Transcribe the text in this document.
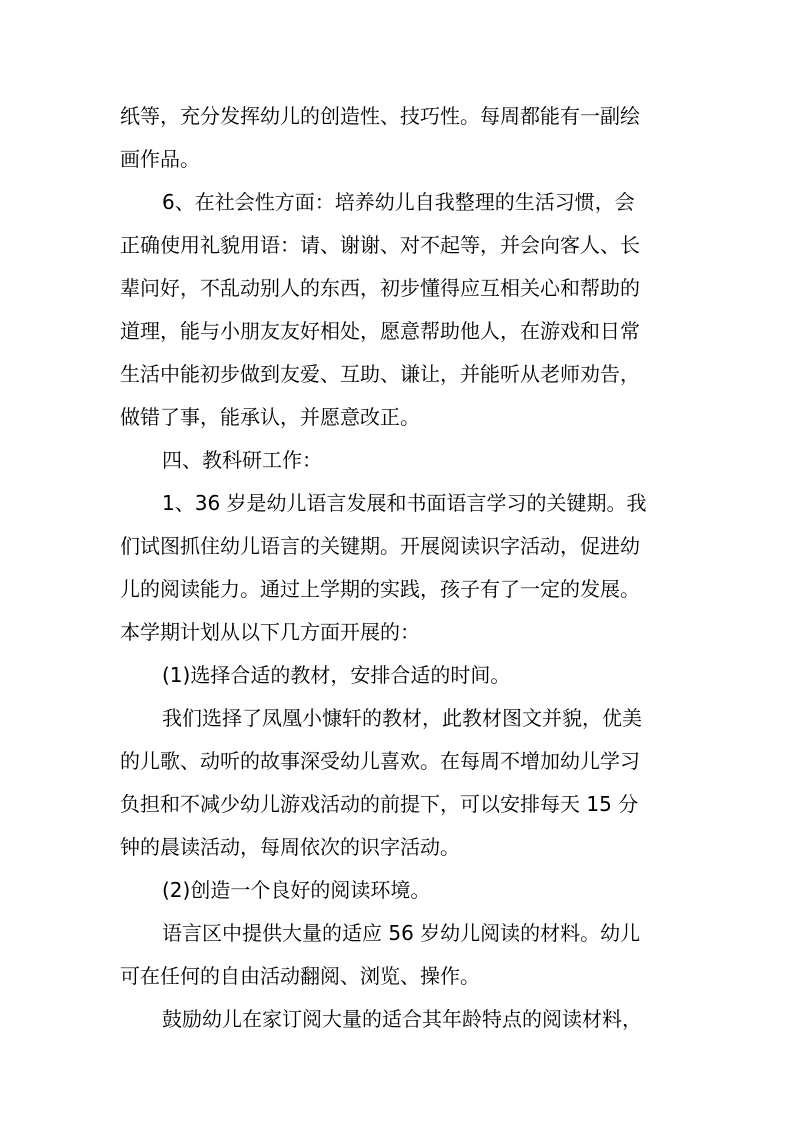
纸等，充分发挥幼儿的创造性、技巧性。每周都能有一副绘
画作品。
6、在社会性方面：培养幼儿自我整理的生活习惯，会
正确使用礼貌用语：请、谢谢、对不起等，并会向客人、长
辈问好，不乱动别人的东西，初步懂得应互相关心和帮助的
道理，能与小朋友友好相处，愿意帮助他人，在游戏和日常
生活中能初步做到友爱、互助、谦让，并能听从老师劝告，
做错了事，能承认，并愿意改正。
四、教科研工作：
1、36 岁是幼儿语言发展和书面语言学习的关键期。我
们试图抓住幼儿语言的关键期。开展阅读识字活动，促进幼
儿的阅读能力。通过上学期的实践，孩子有了一定的发展。
本学期计划从以下几方面开展的：
(1)选择合适的教材，安排合适的时间。
我们选择了凤凰小慷轩的教材，此教材图文并貌，优美
的儿歌、动听的故事深受幼儿喜欢。在每周不增加幼儿学习
负担和不减少幼儿游戏活动的前提下，可以安排每天 15 分
钟的晨读活动，每周依次的识字活动。
(2)创造一个良好的阅读环境。
语言区中提供大量的适应 56 岁幼儿阅读的材料。幼儿
可在任何的自由活动翻阅、浏览、操作。
鼓励幼儿在家订阅大量的适合其年龄特点的阅读材料，
